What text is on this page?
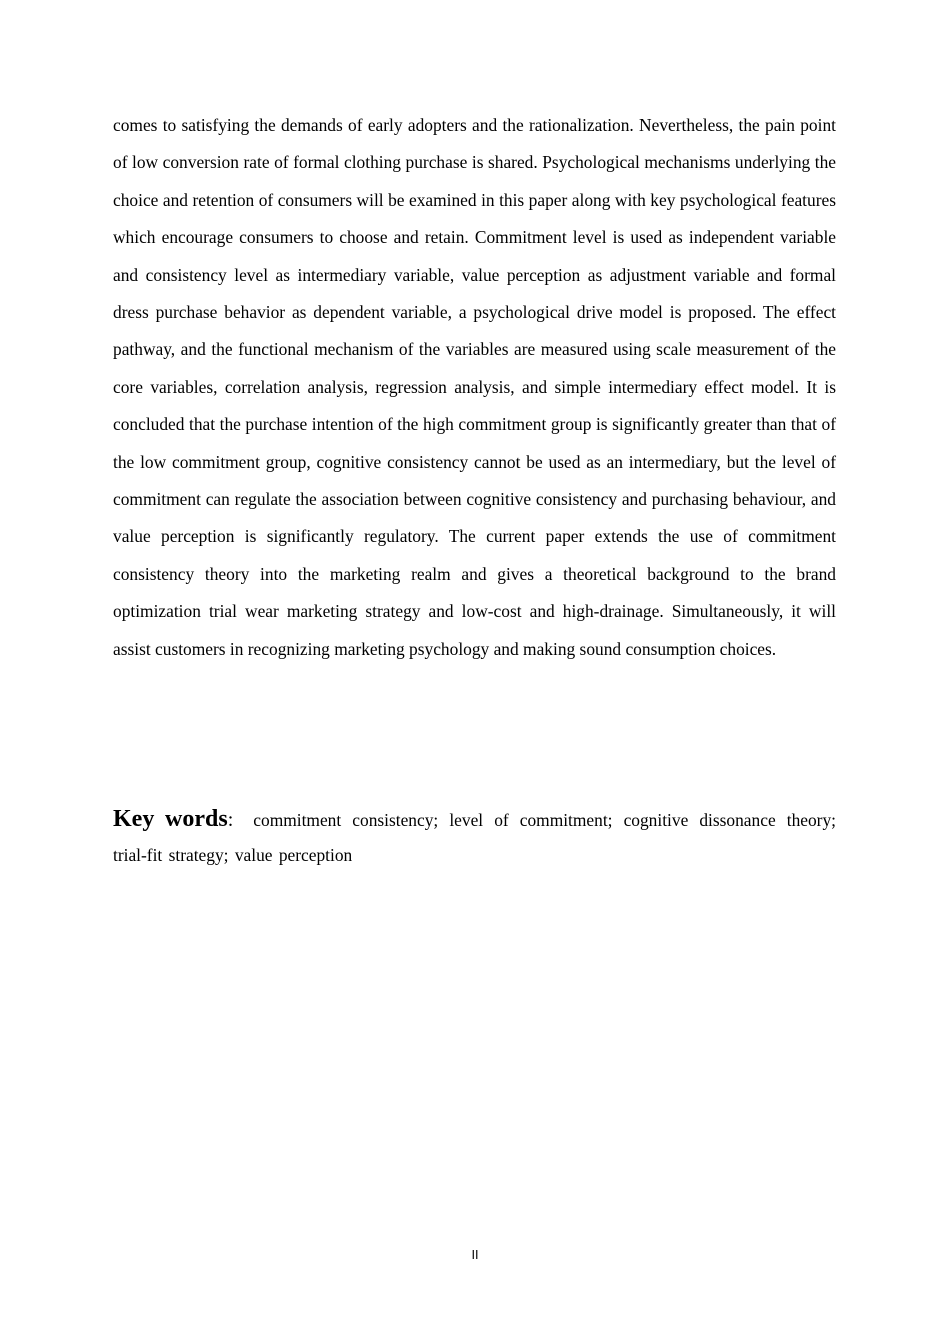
comes to satisfying the demands of early adopters and the rationalization. Nevertheless, the pain point of low conversion rate of formal clothing purchase is shared. Psychological mechanisms underlying the choice and retention of consumers will be examined in this paper along with key psychological features which encourage consumers to choose and retain. Commitment level is used as independent variable and consistency level as intermediary variable, value perception as adjustment variable and formal dress purchase behavior as dependent variable, a psychological drive model is proposed. The effect pathway, and the functional mechanism of the variables are measured using scale measurement of the core variables, correlation analysis, regression analysis, and simple intermediary effect model. It is concluded that the purchase intention of the high commitment group is significantly greater than that of the low commitment group, cognitive consistency cannot be used as an intermediary, but the level of commitment can regulate the association between cognitive consistency and purchasing behaviour, and value perception is significantly regulatory. The current paper extends the use of commitment consistency theory into the marketing realm and gives a theoretical background to the brand optimization trial wear marketing strategy and low-cost and high-drainage. Simultaneously, it will assist customers in recognizing marketing psychology and making sound consumption choices.

Key words: commitment consistency; level of commitment; cognitive dissonance theory; trial-fit strategy; value perception

II
